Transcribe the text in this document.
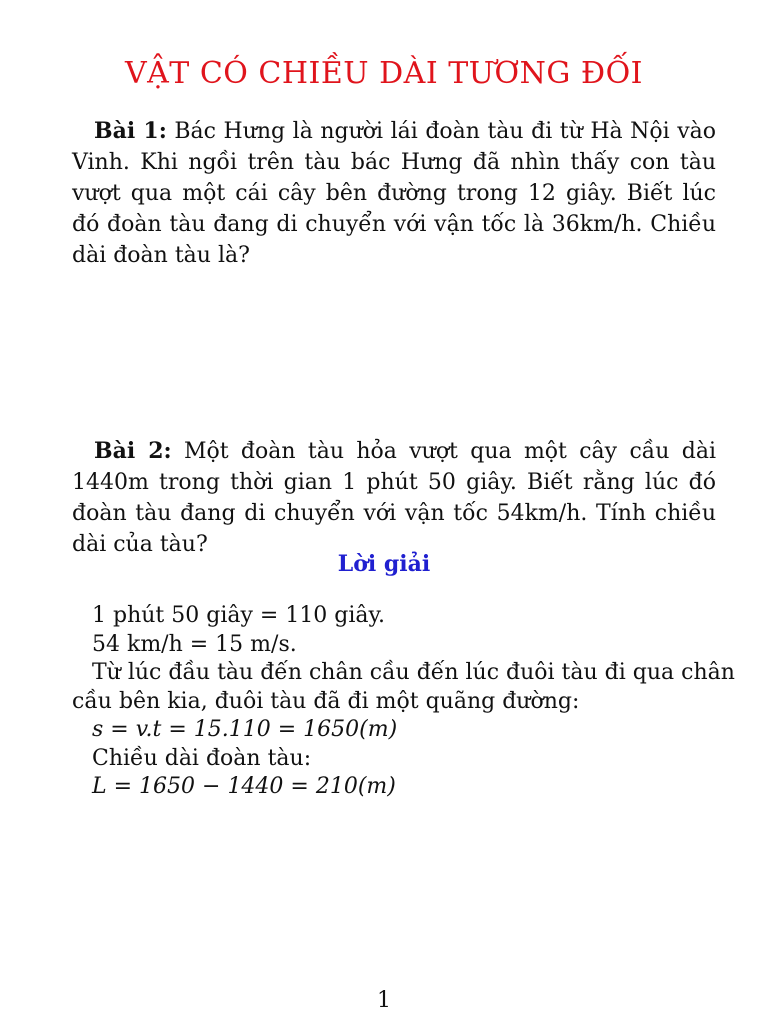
VẬT CÓ CHIỀU DÀI TƯƠNG ĐỐI
Bài 1: Bác Hưng là người lái đoàn tàu đi từ Hà Nội vào Vinh. Khi ngồi trên tàu bác Hưng đã nhìn thấy con tàu vượt qua một cái cây bên đường trong 12 giây. Biết lúc đó đoàn tàu đang di chuyển với vận tốc là 36km/h. Chiều dài đoàn tàu là?
Bài 2: Một đoàn tàu hỏa vượt qua một cây cầu dài 1440m trong thời gian 1 phút 50 giây. Biết rằng lúc đó đoàn tàu đang di chuyển với vận tốc 54km/h. Tính chiều dài của tàu?
Lời giải
1 phút 50 giây = 110 giây.
54 km/h = 15 m/s.
Từ lúc đầu tàu đến chân cầu đến lúc đuôi tàu đi qua chân
cầu bên kia, đuôi tàu đã đi một quãng đường:
s = v.t = 15.110 = 1650(m)
Chiều dài đoàn tàu:
L = 1650 − 1440 = 210(m)
1
